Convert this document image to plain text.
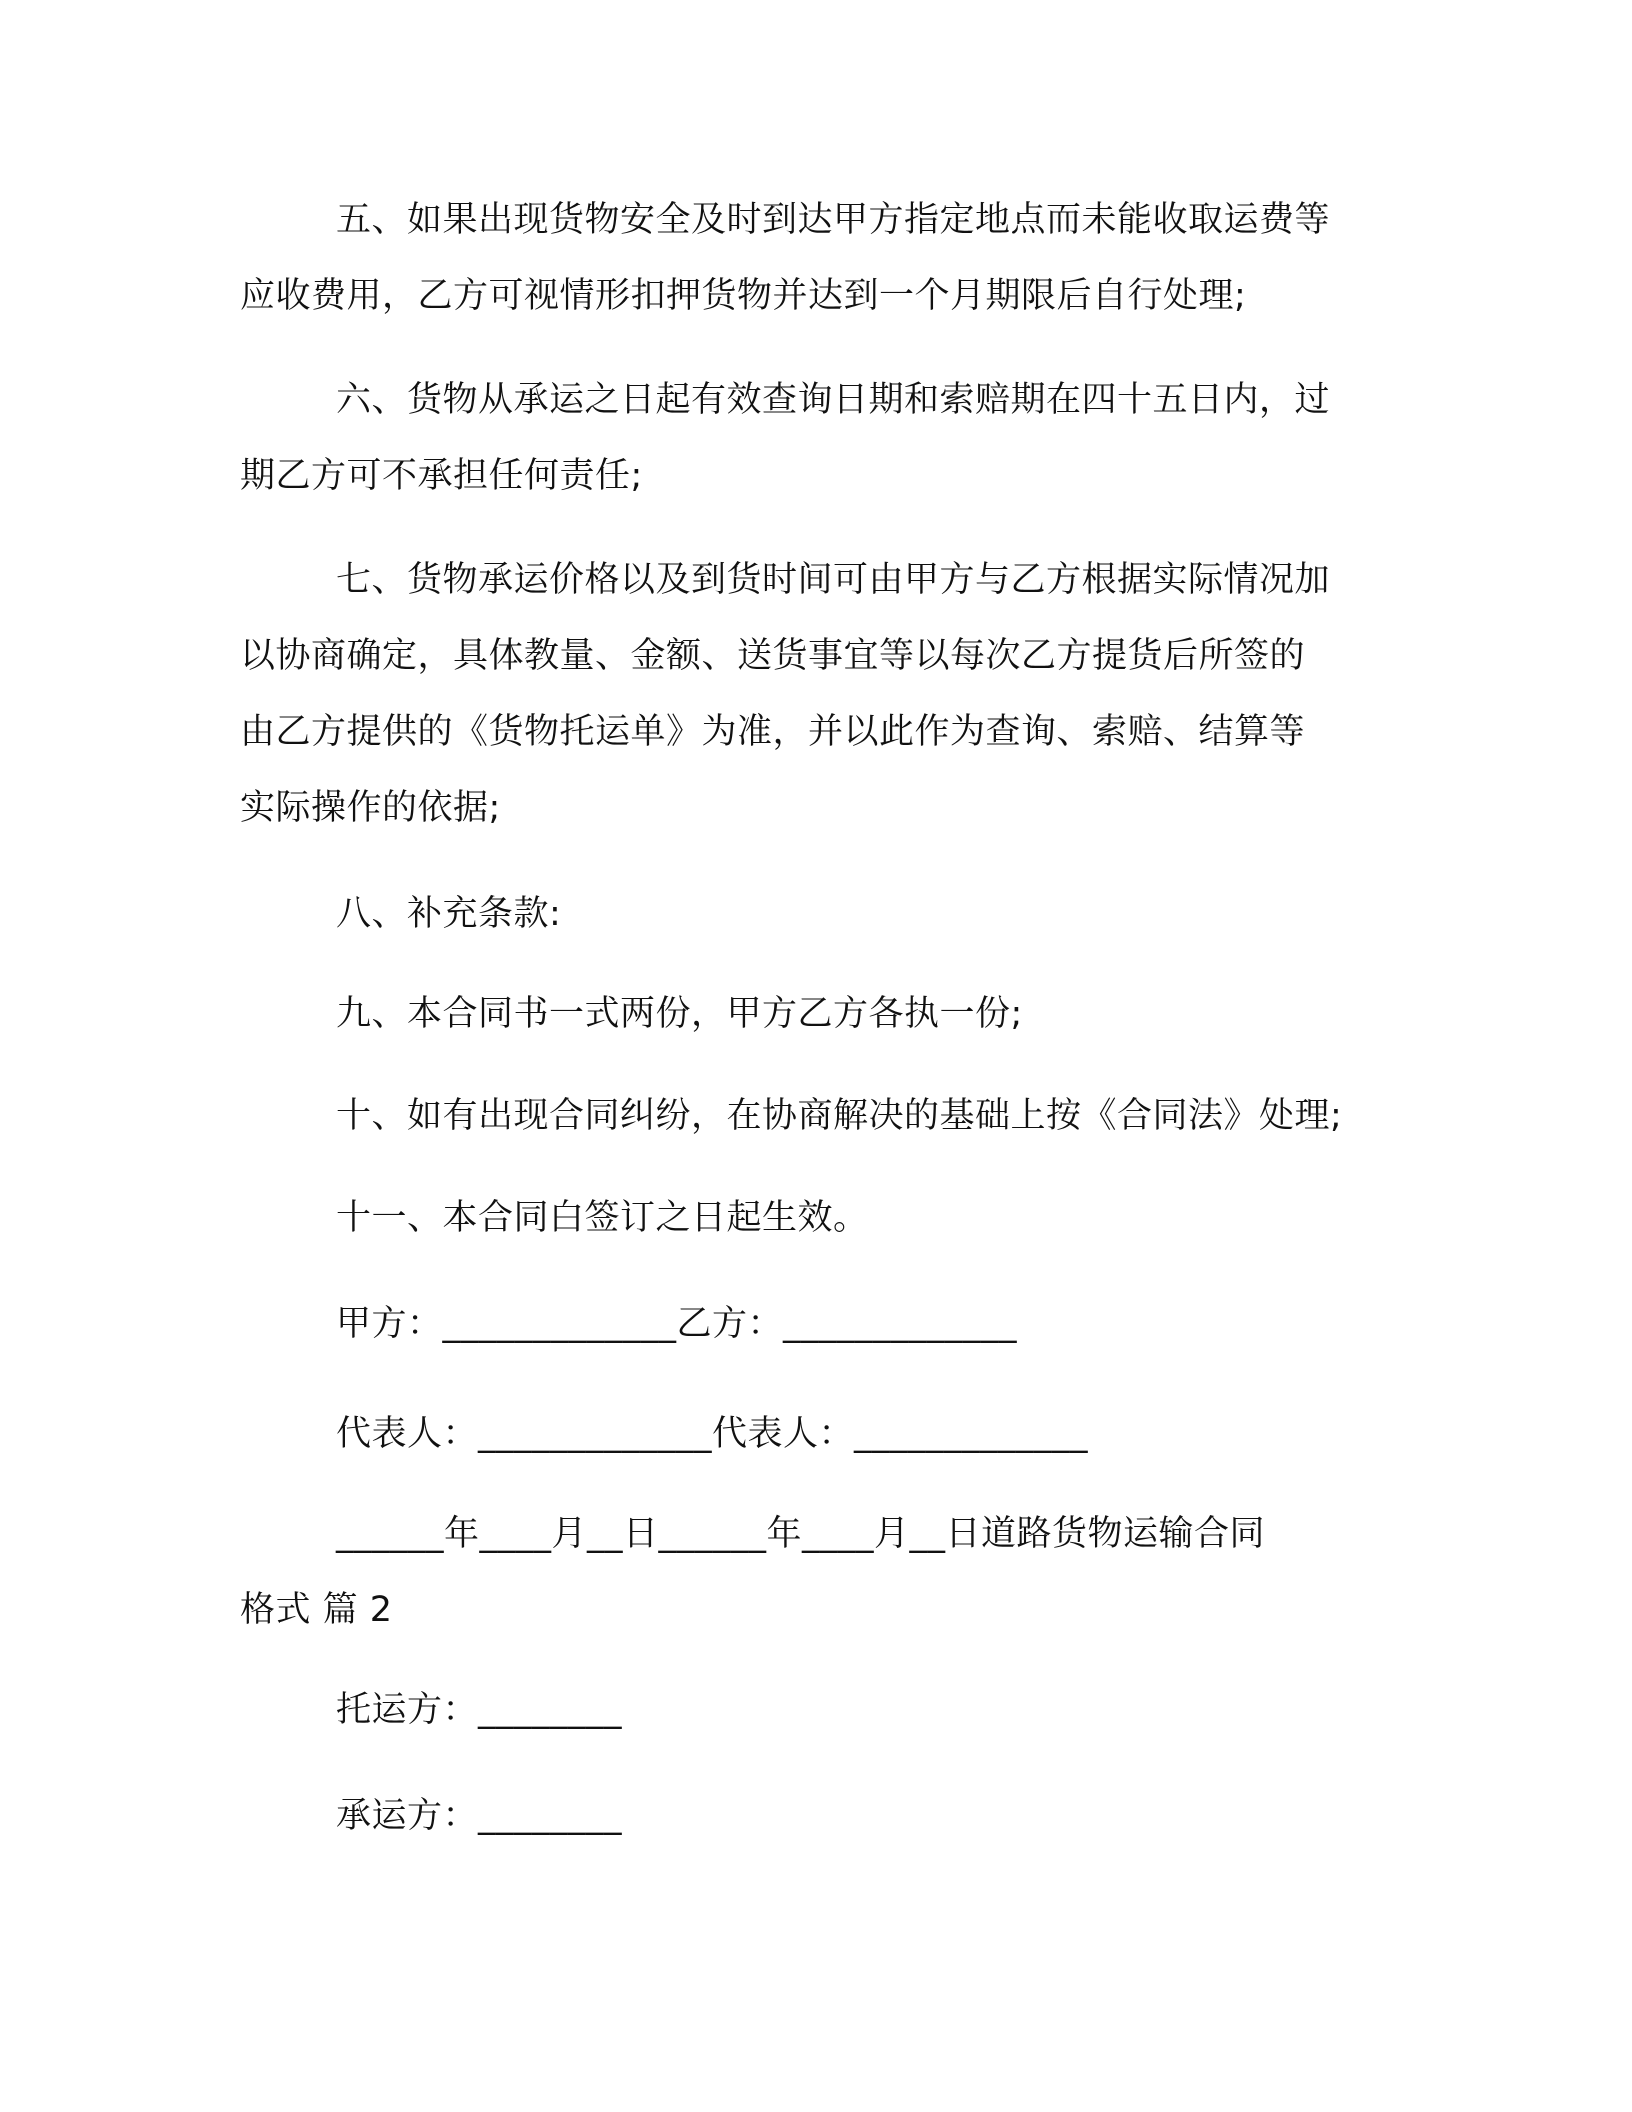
五、如果出现货物安全及时到达甲方指定地点而未能收取运费等
应收费用，乙方可视情形扣押货物并达到一个月期限后自行处理;
六、货物从承运之日起有效查询日期和索赔期在四十五日内，过
期乙方可不承担任何责任;
七、货物承运价格以及到货时间可由甲方与乙方根据实际情况加
以协商确定，具体教量、金额、送货事宜等以每次乙方提货后所签的
由乙方提供的《货物托运单》为准，并以此作为查询、索赔、结算等
实际操作的依据;
八、补充条款:
九、本合同书一式两份，甲方乙方各执一份;
十、如有出现合同纠纷，在协商解决的基础上按《合同法》处理;
十一、本合同白签订之日起生效。
甲方：_____________乙方：_____________
代表人：_____________代表人：_____________
______年____月__日______年____月__日道路货物运输合同
格式 篇 2
托运方：________
承运方：________
